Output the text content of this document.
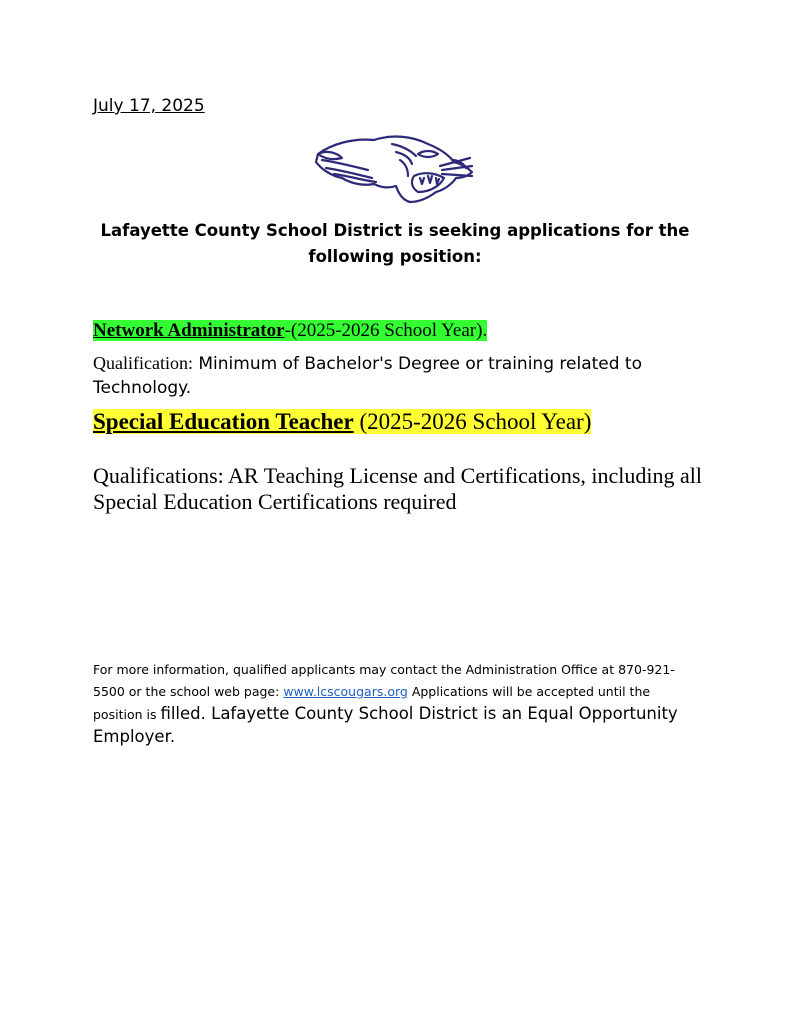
July 17, 2025
Lafayette County School District is seeking applications for the following position:
Network Administrator-(2025-2026 School Year).
Qualification: Minimum of Bachelor's Degree or training related to Technology.
Special Education Teacher (2025-2026 School Year)
Qualifications: AR Teaching License and Certifications, including all Special Education Certifications required
For more information, qualified applicants may contact the Administration Office at 870-921-5500 or the school web page: www.lcscougars.org Applications will be accepted until the position is filled. Lafayette County School District is an Equal Opportunity Employer.
